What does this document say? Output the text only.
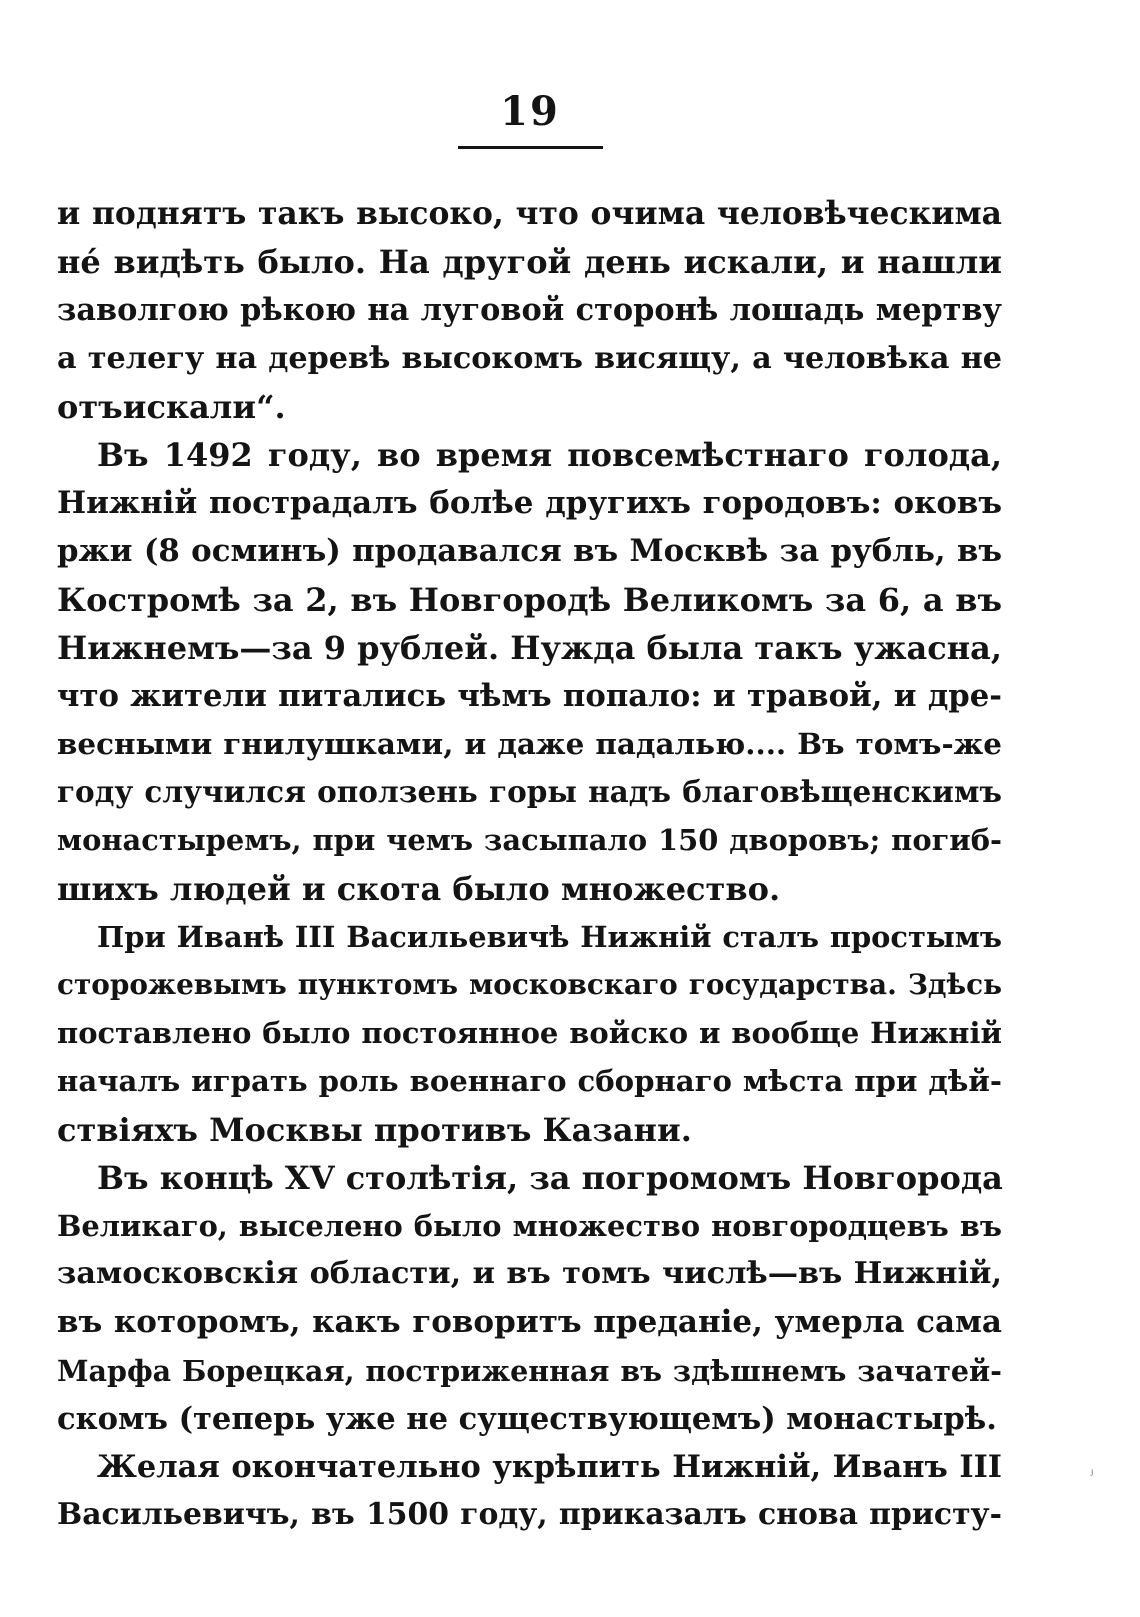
19
и поднятъ такъ высоко, что очима человѣческима
не́ видѣть было. На другой день искали, и нашли
заволгою рѣкою на луговой сторонѣ лошадь мертву
а телегу на деревѣ высокомъ висящу, а человѣка не
отъискали“.
Въ 1492 году, во время повсемѣстнаго голода,
Нижній пострадалъ болѣе другихъ городовъ: оковъ
ржи (8 осминъ) продавался въ Москвѣ за рубль, въ
Костромѣ за 2, въ Новгородѣ Великомъ за 6, а въ
Нижнемъ—за 9 рублей. Нужда была такъ ужасна,
что жители питались чѣмъ попало: и травой, и дре-
весными гнилушками, и даже падалью.... Въ томъ-же
году случился оползень горы надъ благовѣщенскимъ
монастыремъ, при чемъ засыпало 150 дворовъ; погиб-
шихъ людей и скота было множество.
При Иванѣ III Васильевичѣ Нижній сталъ простымъ
сторожевымъ пунктомъ московскаго государства. Здѣсь
поставлено было постоянное войско и вообще Нижній
началъ играть роль военнаго сборнаго мѣста при дѣй-
ствіяхъ Москвы противъ Казани.
Въ концѣ XV столѣтія, за погромомъ Новгорода
Великаго, выселено было множество новгородцевъ въ
замосковскія области, и въ томъ числѣ—въ Нижній,
въ которомъ, какъ говоритъ преданіе, умерла сама
Марфа Борецкая, постриженная въ здѣшнемъ зачатей-
скомъ (теперь уже не существующемъ) монастырѣ.
Желая окончательно укрѣпить Нижній, Иванъ III
Васильевичъ, въ 1500 году, приказалъ снова присту-
ʲ
